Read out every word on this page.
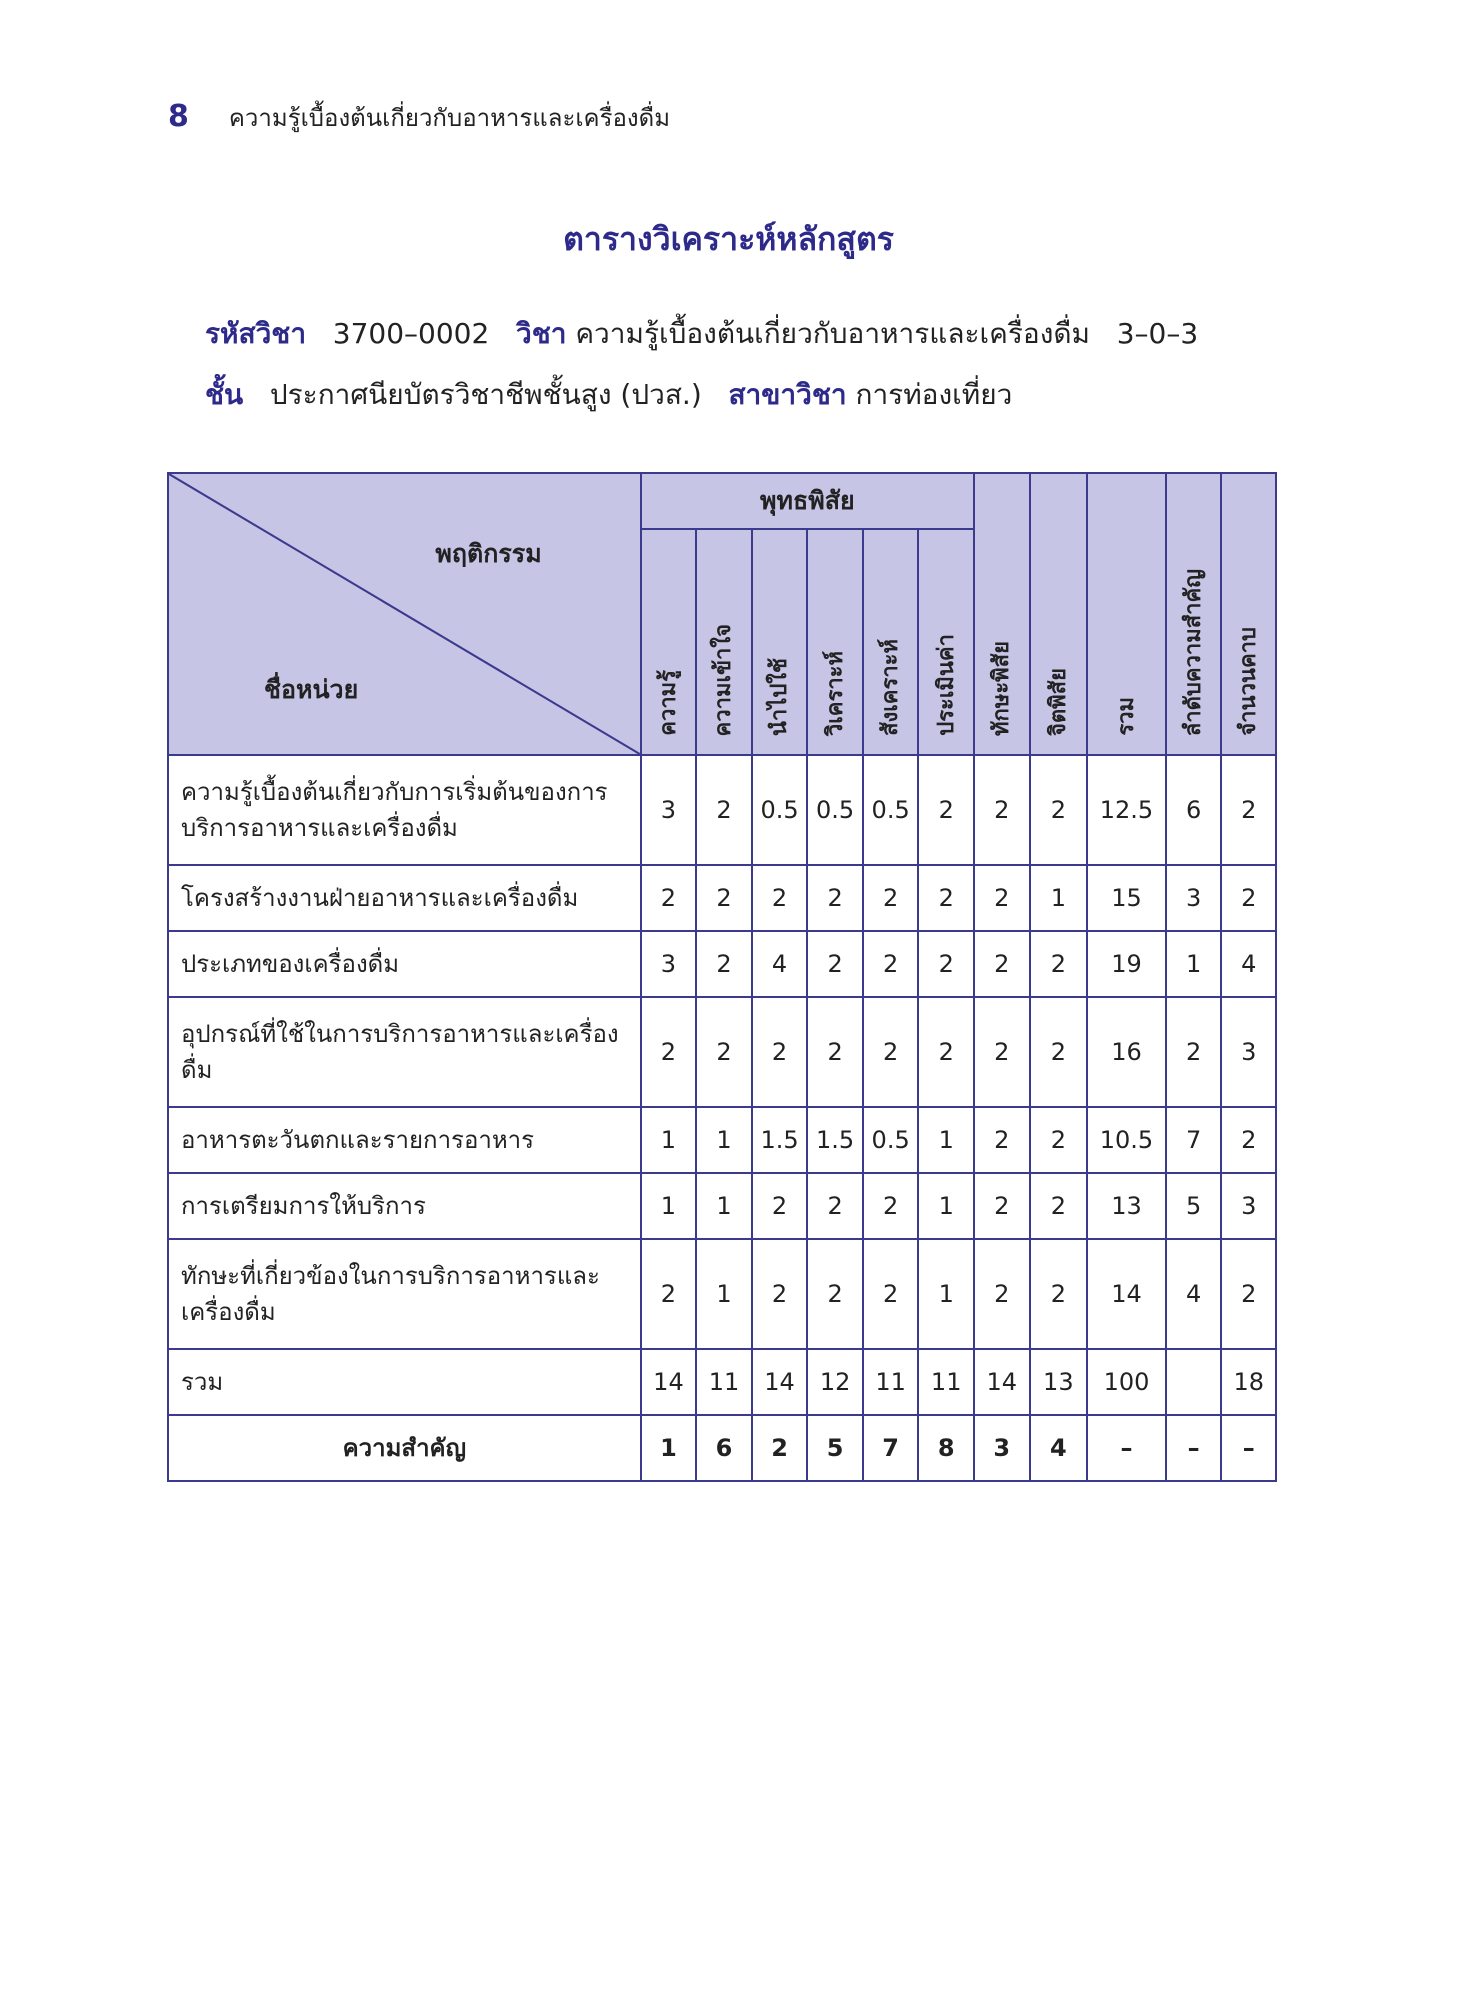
8 ความรู้เบื้องต้นเกี่ยวกับอาหารและเครื่องดื่ม
ตารางวิเคราะห์หลักสูตร
รหัสวิชา 3700–0002 วิชา ความรู้เบื้องต้นเกี่ยวกับอาหารและเครื่องดื่ม 3–0–3
ชั้น ประกาศนียบัตรวิชาชีพชั้นสูง (ปวส.) สาขาวิชา การท่องเที่ยว
พฤติกรรม
ชื่อหน่วย	พุทธพิสัย						ทักษะพิสัย	จิตพิสัย	รวม	ลำดับความสำคัญ	จำนวนคาบ
	ความรู้	ความเข้าใจ	นำไปใช้	วิเคราะห์	สังเคราะห์	ประเมินค่า					
ความรู้เบื้องต้นเกี่ยวกับการเริ่มต้นของการบริการอาหารและเครื่องดื่ม	3	2	0.5	0.5	0.5	2	2	2	12.5	6	2
โครงสร้างงานฝ่ายอาหารและเครื่องดื่ม	2	2	2	2	2	2	2	1	15	3	2
ประเภทของเครื่องดื่ม	3	2	4	2	2	2	2	2	19	1	4
อุปกรณ์ที่ใช้ในการบริการอาหารและเครื่องดื่ม	2	2	2	2	2	2	2	2	16	2	3
อาหารตะวันตกและรายการอาหาร	1	1	1.5	1.5	0.5	1	2	2	10.5	7	2
การเตรียมการให้บริการ	1	1	2	2	2	1	2	2	13	5	3
ทักษะที่เกี่ยวข้องในการบริการอาหารและเครื่องดื่ม	2	1	2	2	2	1	2	2	14	4	2
รวม	14	11	14	12	11	11	14	13	100		18
ความสำคัญ	1	6	2	5	7	8	3	4	–	–	–
